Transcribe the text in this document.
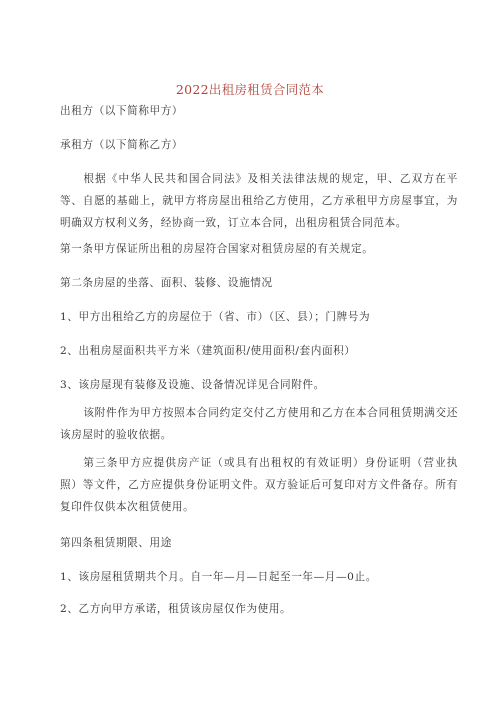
2022出租房租赁合同范本
出租方（以下简称甲方）
承租方（以下简称乙方）
根据《中华人民共和国合同法》及相关法律法规的规定，甲、乙双方在平等、自愿的基础上，就甲方将房屋出租给乙方使用，乙方承租甲方房屋事宜，为明确双方权利义务，经协商一致，订立本合同，出租房租赁合同范本。
第一条甲方保证所出租的房屋符合国家对租赁房屋的有关规定。
第二条房屋的坐落、面积、装修、设施情况
1、甲方出租给乙方的房屋位于（省、市）（区、县）；门牌号为
2、出租房屋面积共平方米（建筑面积/使用面积/套内面积）
3、该房屋现有装修及设施、设备情况详见合同附件。
该附件作为甲方按照本合同约定交付乙方使用和乙方在本合同租赁期满交还该房屋时的验收依据。
第三条甲方应提供房产证（或具有出租权的有效证明）身份证明（营业执照）等文件，乙方应提供身份证明文件。双方验证后可复印对方文件备存。所有复印件仅供本次租赁使用。
第四条租赁期限、用途
1、该房屋租赁期共个月。自一年—月—日起至一年—月—0止。
2、乙方向甲方承诺，租赁该房屋仅作为使用。
